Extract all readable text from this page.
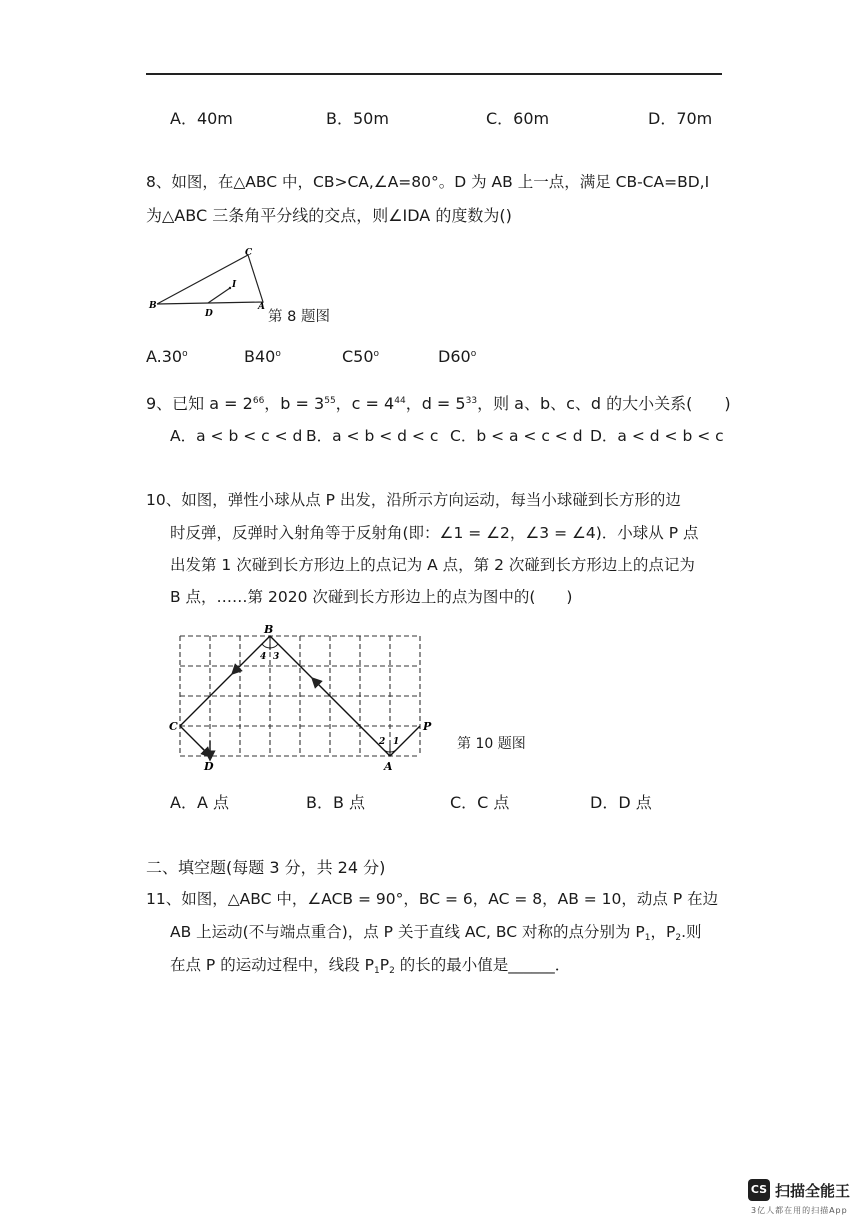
A．40m	B．50m	C．60m	D．70m
8、如图，在△ABC 中，CB>CA,∠A=80°。D 为 AB 上一点，满足 CB-CA=BD,I
为△ABC 三条角平分线的交点，则∠IDA 的度数为()
B
C
A
D
I
第 8 题图
A.30$^o$	B40$^o$	C50$^o$	D60$^o$
9、已知 $a = 2^{66}$，$b = 3^{55}$，$c = 4^{44}$，$d = 5^{33}$，则 a、b、c、d 的大小关系(　　)
A．a < b < c < d B．a < b < d < c C．b < a < c < d D．a < d < b < c
10、如图，弹性小球从点 P 出发，沿所示方向运动，每当小球碰到长方形的边
时反弹，反弹时入射角等于反射角(即：∠1 = ∠2，∠3 = ∠4)．小球从 P 点
出发第 1 次碰到长方形边上的点记为 A 点，第 2 次碰到长方形边上的点记为
B 点，……第 2020 次碰到长方形边上的点为图中的(　　)
B
C
D	A
P
1
2
3
4
第 10 题图
A．A 点	B．B 点	C．C 点	D．D 点
二、填空题(每题 3 分，共 24 分)
11、如图，△ABC 中，∠ACB = 90°，BC = 6，AC = 8，AB = 10，动点 P 在边
AB 上运动(不与端点重合)，点 P 关于直线 AC, BC 对称的点分别为 $P_1$，$P_2$.则
在点 P 的运动过程中，线段 $P_1P_2$ 的长的最小值是______．
CS 扫描全能王
3亿人都在用的扫描App
